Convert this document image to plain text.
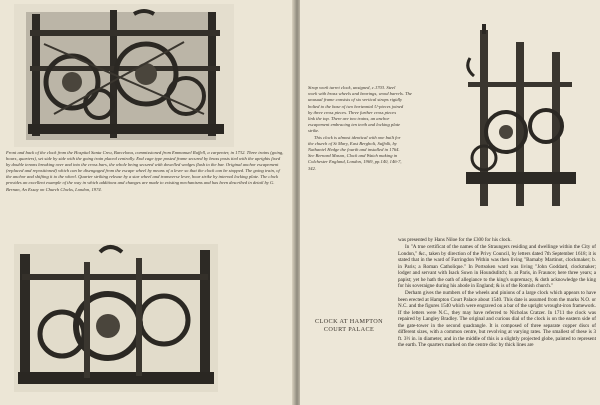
Front and back of the clock from the Hospital Santa Creu, Barcelona, commissioned from Emmanuel Ruffell, a carpenter, in 1732. Three trains (going, hours, quarters), set side by side with the going train placed centrally. End cage type posted frame secured by brass posts tied with the uprights fixed by double tenons breaking over and into the cross bars, the whole being secured with dowelled wedges flush to the bar. Original anchor escapement (replaced and repositioned) which can be disengaged from the escape wheel by means of a lever so that the clock can be stopped. The going train, of the anchor and shifting it to the wheel. Quarter striking release by a star wheel and transverse lever, hour strike by internal locking plate. The clock provides an excellent example of the way in which additions and changes are made to existing mechanisms and has been described in detail by G. Bernan, An Essay on Church Clocks, London, 1974.

Strap work turret clock, unsigned, c.1703. Steel
work with brass wheels and bearings, wood barrels. The
unusual frame consists of six vertical straps rigidly
bolted to the base of two horizontal U-pieces joined
by three cross pieces. Three further cross pieces
link the top. There are two trains, an anchor
escapement embracing ten teeth and locking plate
strike.
This clock is almost identical with one built for
the church of St Mary, East Bergholt, Suffolk, by
Nathaniel Hedge the fourth and installed in 1764.
See Bernard Mason, Clock and Watch making in
Colchester England, London, 1969, pp.140, 146-7,
342.
CLOCK AT HAMPTON
COURT PALACE

was presented by Hans Niloe for the £300 for his clock.

In "A true certificat of the names of the Straungers residing and dwellinge within the City of London," &c., taken by direction of the Privy Council, by letters dated 7th September 1618; it is stated that in the ward of Farringdon Within was then living "Barnaby Martinot, clockmaker; b. in Paris; a Roman Catholique." In Portsoken ward was living "John Goddard, clockmaker; lodger and servant with Isack Suwn in Houndsditch; b. at Paris, in Fraunce; here three years; a papist; yet he hath the oath of allegiance to the king's supremacy, & doth acknowledge the king for his soveraigne during his abode in England; & is of the Romish church."

Derham gives the numbers of the wheels and pinions of a large clock which appears to have been erected at Hampton Court Palace about 1540. This date is assumed from the marks N.O. or N.C. and the figures 1540 which were engraved on a bar of the upright wrought-iron framework. If the letters were N.C., they may have referred to Nicholas Cratzer. In 1711 the clock was repaired by Langley Bradley. The original and curious dial of the clock is on the eastern side of the gate-tower in the second quadrangle. It is composed of three separate copper discs of different sizes, with a common centre, but revolving at varying rates. The smallest of these is 3 ft. 3½ in. in diameter, and in the middle of this is a slightly projected globe, painted to represent the earth. The quarters marked on the centre disc by thick lines are
